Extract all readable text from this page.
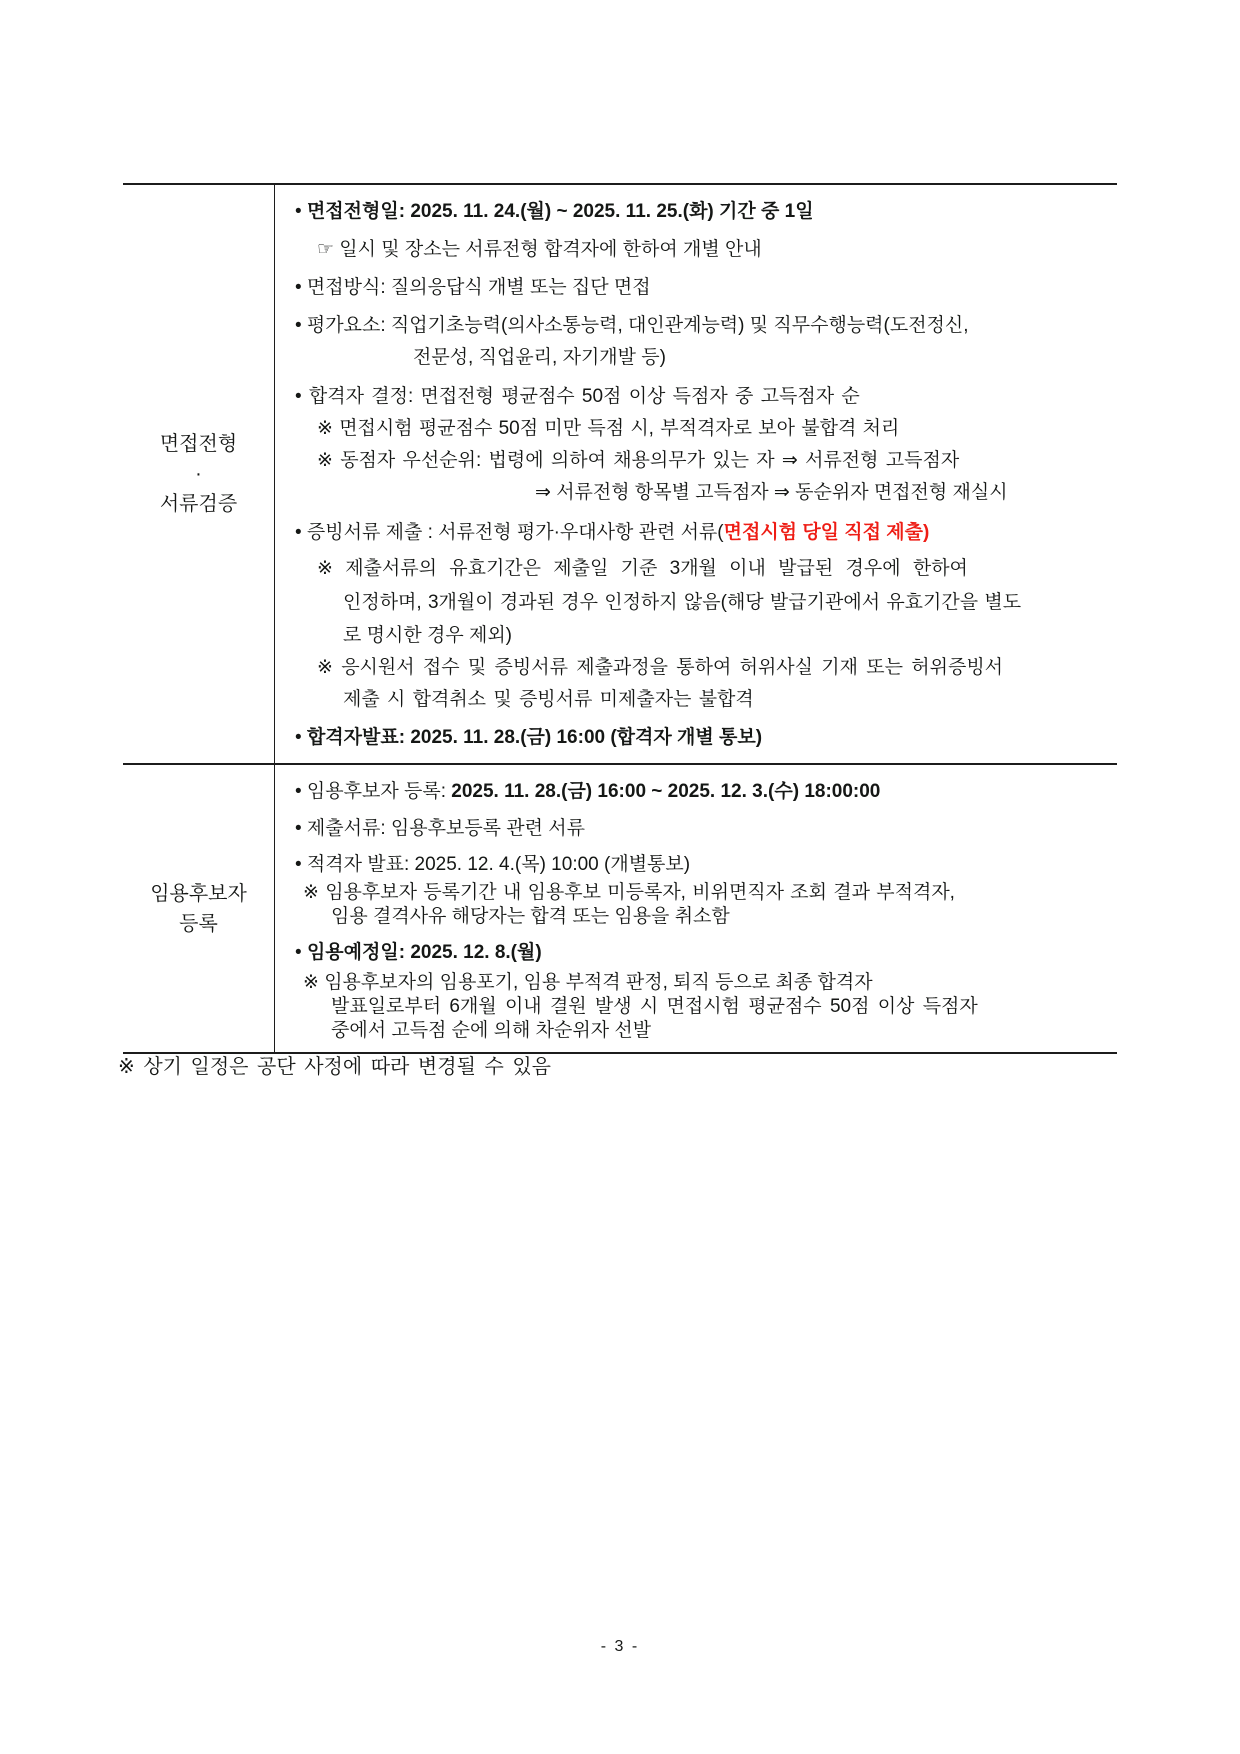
면접전형
·
서류검증
• 면접전형일: 2025. 11. 24.(월) ~ 2025. 11. 25.(화) 기간 중 1일
☞ 일시 및 장소는 서류전형 합격자에 한하여 개별 안내
• 면접방식: 질의응답식 개별 또는 집단 면접
• 평가요소: 직업기초능력(의사소통능력, 대인관계능력) 및 직무수행능력(도전정신,
전문성, 직업윤리, 자기개발 등)
• 합격자 결정: 면접전형 평균점수 50점 이상 득점자 중 고득점자 순
※ 면접시험 평균점수 50점 미만 득점 시, 부적격자로 보아 불합격 처리
※ 동점자 우선순위: 법령에 의하여 채용의무가 있는 자 ⇒ 서류전형 고득점자
⇒ 서류전형 항목별 고득점자 ⇒ 동순위자 면접전형 재실시
• 증빙서류 제출 : 서류전형 평가·우대사항 관련 서류(면접시험 당일 직접 제출)
※ 제출서류의 유효기간은 제출일 기준 3개월 이내 발급된 경우에 한하여
인정하며, 3개월이 경과된 경우 인정하지 않음(해당 발급기관에서 유효기간을 별도
로 명시한 경우 제외)
※ 응시원서 접수 및 증빙서류 제출과정을 통하여 허위사실 기재 또는 허위증빙서
제출 시 합격취소 및 증빙서류 미제출자는 불합격
• 합격자발표: 2025. 11. 28.(금) 16:00 (합격자 개별 통보)
임용후보자
등록
• 임용후보자 등록: 2025. 11. 28.(금) 16:00 ~ 2025. 12. 3.(수) 18:00:00
• 제출서류: 임용후보등록 관련 서류
• 적격자 발표: 2025. 12. 4.(목) 10:00 (개별통보)
※ 임용후보자 등록기간 내 임용후보 미등록자, 비위면직자 조회 결과 부적격자,
임용 결격사유 해당자는 합격 또는 임용을 취소함
• 임용예정일: 2025. 12. 8.(월)
※ 임용후보자의 임용포기, 임용 부적격 판정, 퇴직 등으로 최종 합격자
발표일로부터 6개월 이내 결원 발생 시 면접시험 평균점수 50점 이상 득점자
중에서 고득점 순에 의해 차순위자 선발
※ 상기 일정은 공단 사정에 따라 변경될 수 있음
- 3 -
